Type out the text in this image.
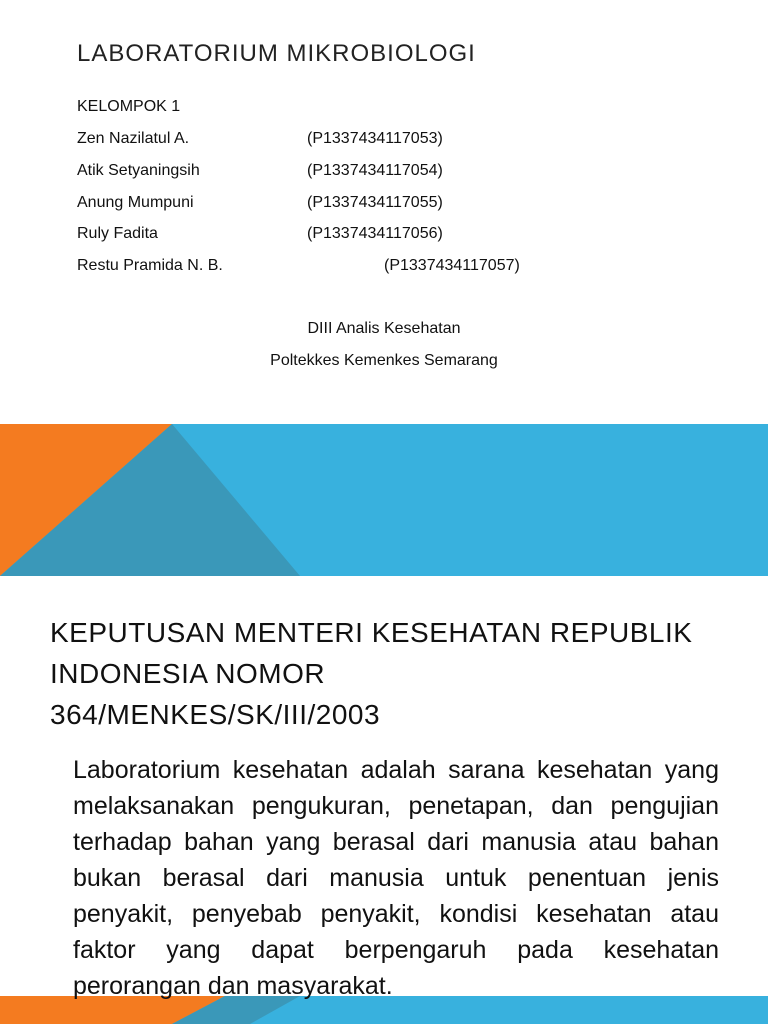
LABORATORIUM MIKROBIOLOGI
KELOMPOK 1
Zen Nazilatul A.	(P1337434117053)
Atik Setyaningsih	(P1337434117054)
Anung Mumpuni	(P1337434117055)
Ruly Fadita	(P1337434117056)
Restu Pramida N. B.	(P1337434117057)
DIII Analis Kesehatan
Poltekkes Kemenkes Semarang
KEPUTUSAN MENTERI KESEHATAN REPUBLIK
INDONESIA NOMOR
364/MENKES/SK/III/2003
Laboratorium kesehatan adalah sarana kesehatan yang melaksanakan pengukuran, penetapan, dan pengujian terhadap bahan yang berasal dari manusia atau bahan bukan berasal dari manusia untuk penentuan jenis penyakit, penyebab penyakit, kondisi kesehatan atau faktor yang dapat berpengaruh pada kesehatan perorangan dan masyarakat.
